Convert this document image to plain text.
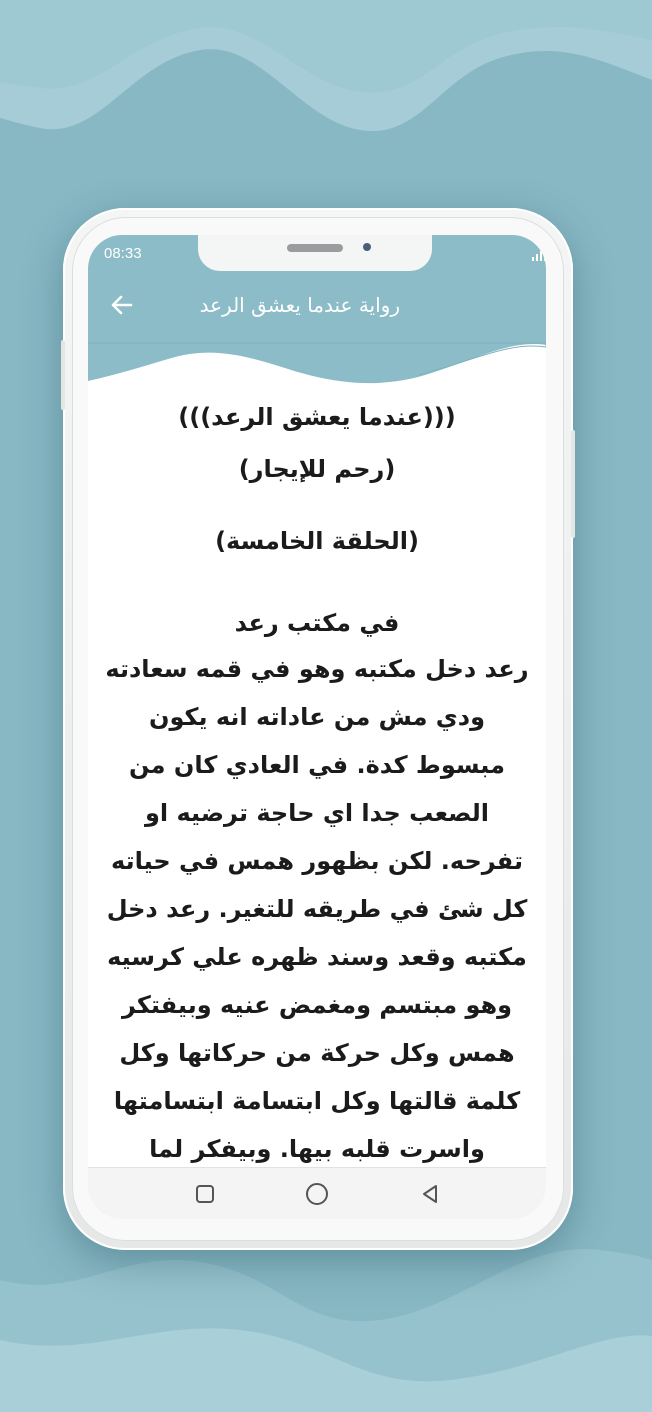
08:33
رواية عندما يعشق الرعد
(((عندما يعشق الرعد)))
(رحم للإيجار)
(الحلقة الخامسة)
في مكتب رعد
رعد دخل مكتبه وهو في قمه سعادته ودي مش من عاداته انه يكون مبسوط كدة. في العادي كان من الصعب جدا اي حاجة ترضيه او تفرحه. لكن بظهور همس في حياته كل شئ في طريقه للتغير. رعد دخل مكتبه وقعد وسند ظهره علي كرسيه وهو مبتسم ومغمض عنيه وبيفتكر همس وكل حركة من حركاتها وكل كلمة قالتها وكل ابتسامة ابتسامتها واسرت قلبه بيها. وبيفكر لما
